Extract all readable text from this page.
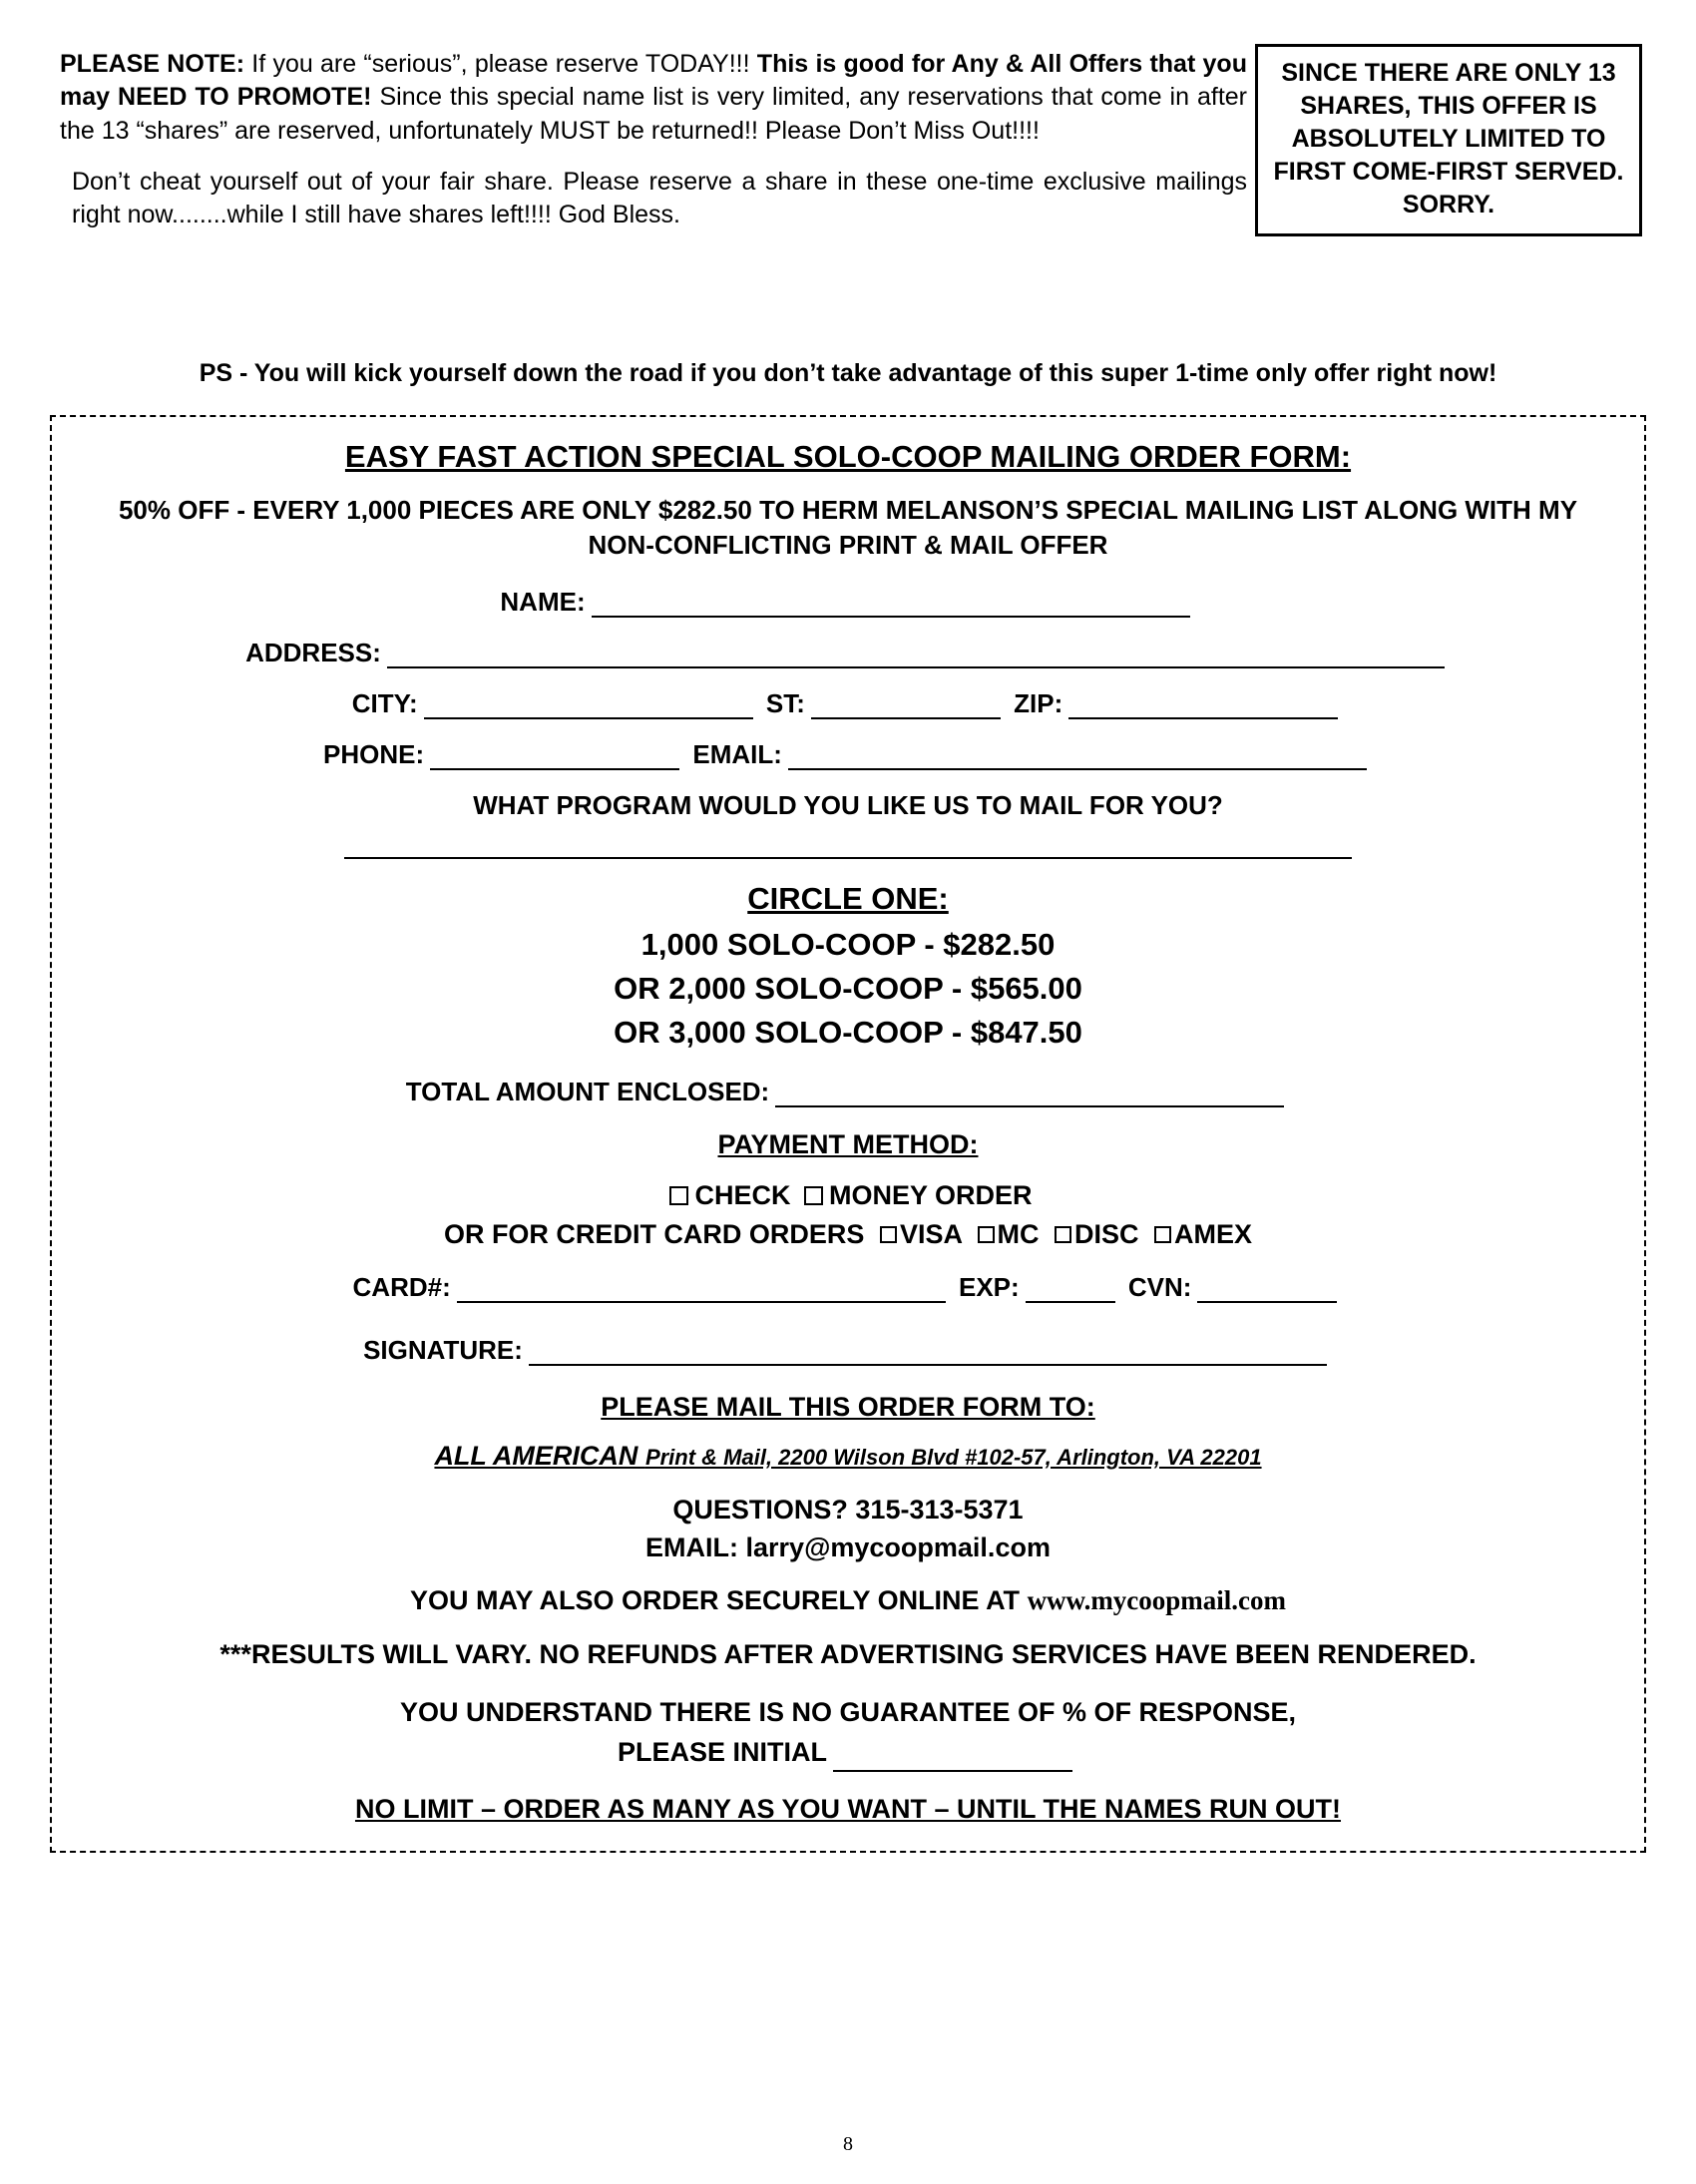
PLEASE NOTE: If you are “serious”, please reserve TODAY!!! This is good for Any & All Offers that you may NEED TO PROMOTE! Since this special name list is very limited, any reservations that come in after the 13 “shares” are reserved, unfortunately MUST be returned!! Please Don’t Miss Out!!!!

Don’t cheat yourself out of your fair share. Please reserve a share in these one-time exclusive mailings right now........while I still have shares left!!!! God Bless.

SINCE THERE ARE ONLY 13 SHARES, THIS OFFER IS ABSOLUTELY LIMITED TO FIRST COME-FIRST SERVED. SORRY.
PS - You will kick yourself down the road if you don’t take advantage of this super 1-time only offer right now!
EASY FAST ACTION SPECIAL SOLO-COOP MAILING ORDER FORM:
50% OFF - EVERY 1,000 PIECES ARE ONLY $282.50 TO HERM MELANSON’S SPECIAL MAILING LIST ALONG WITH MY NON-CONFLICTING PRINT & MAIL OFFER
NAME:
ADDRESS:
CITY:	ST:	ZIP:
PHONE:	EMAIL:
WHAT PROGRAM WOULD YOU LIKE US TO MAIL FOR YOU?
CIRCLE ONE:
1,000 SOLO-COOP - $282.50
OR 2,000 SOLO-COOP - $565.00
OR 3,000 SOLO-COOP - $847.50
TOTAL AMOUNT ENCLOSED:
PAYMENT METHOD:
CHECK MONEY ORDER
OR FOR CREDIT CARD ORDERS VISA MC DISC AMEX
CARD#:	EXP:	CVN:
SIGNATURE:
PLEASE MAIL THIS ORDER FORM TO:
ALL AMERICAN Print & Mail, 2200 Wilson Blvd #102-57, Arlington, VA 22201
QUESTIONS? 315-313-5371
EMAIL: larry@mycoopmail.com
YOU MAY ALSO ORDER SECURELY ONLINE AT www.mycoopmail.com
***RESULTS WILL VARY. NO REFUNDS AFTER ADVERTISING SERVICES HAVE BEEN RENDERED.
YOU UNDERSTAND THERE IS NO GUARANTEE OF % OF RESPONSE,
PLEASE INITIAL
NO LIMIT – ORDER AS MANY AS YOU WANT – UNTIL THE NAMES RUN OUT!
8
